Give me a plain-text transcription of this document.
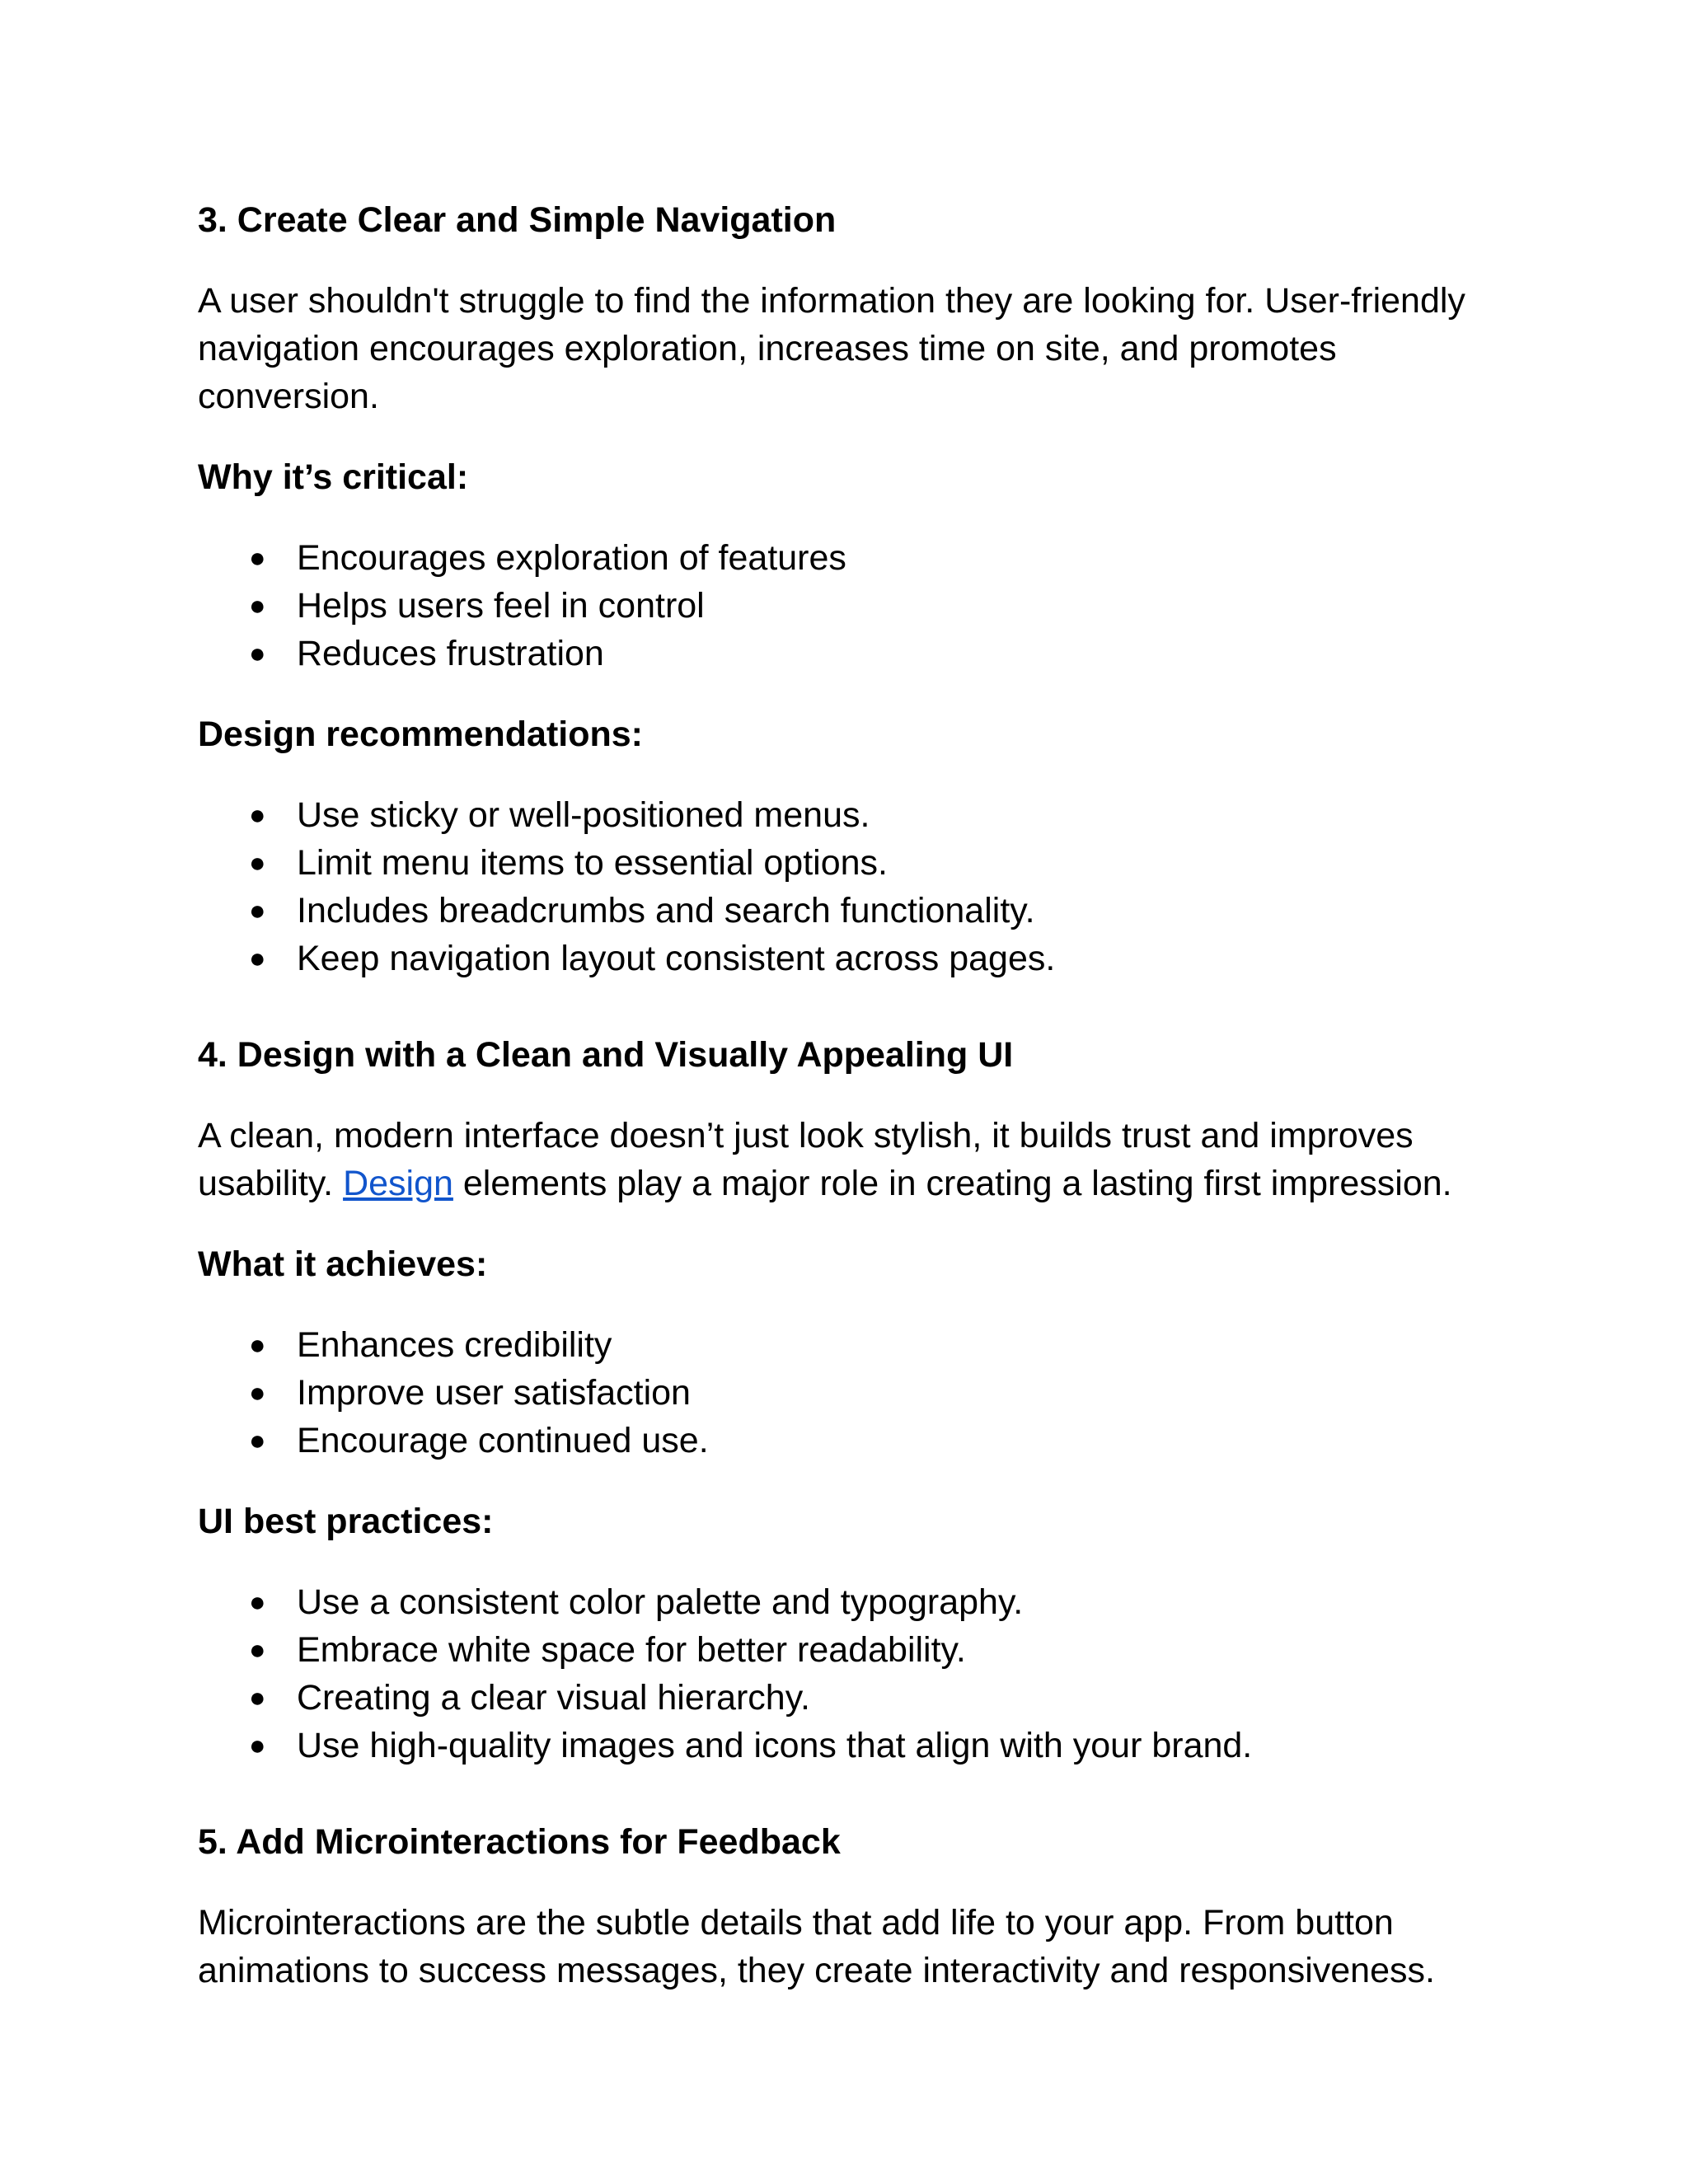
3. Create Clear and Simple Navigation

A user shouldn't struggle to find the information they are looking for. User-friendly navigation encourages exploration, increases time on site, and promotes conversion.

Why it’s critical:
● Encourages exploration of features
● Helps users feel in control
● Reduces frustration
Design recommendations:
● Use sticky or well-positioned menus.
● Limit menu items to essential options.
● Includes breadcrumbs and search functionality.
● Keep navigation layout consistent across pages.
4. Design with a Clean and Visually Appealing UI

A clean, modern interface doesn’t just look stylish, it builds trust and improves usability. Design elements play a major role in creating a lasting first impression.

What it achieves:
● Enhances credibility
● Improve user satisfaction
● Encourage continued use.
UI best practices:
● Use a consistent color palette and typography.
● Embrace white space for better readability.
● Creating a clear visual hierarchy.
● Use high-quality images and icons that align with your brand.
5. Add Microinteractions for Feedback

Microinteractions are the subtle details that add life to your app. From button animations to success messages, they create interactivity and responsiveness.
